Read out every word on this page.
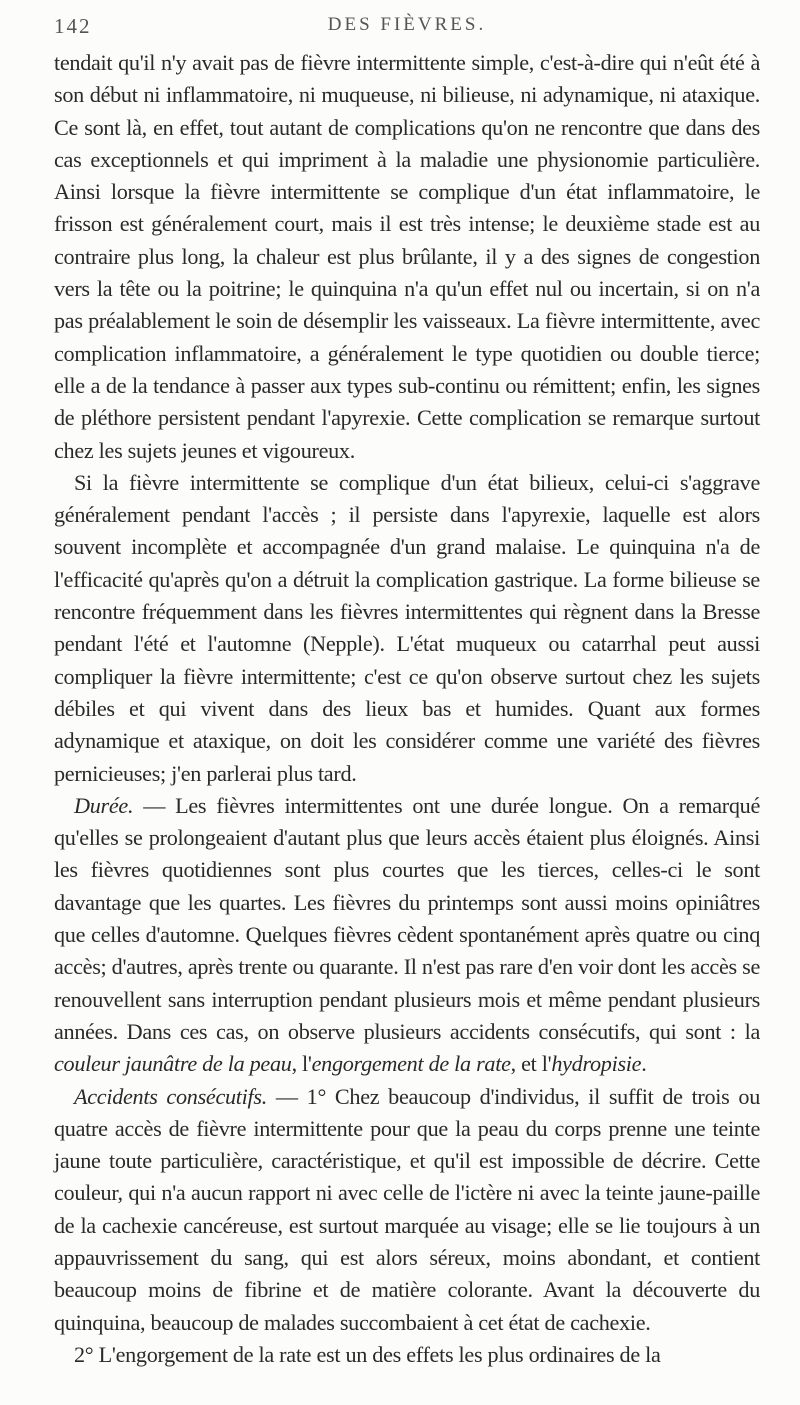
142	DES FIÈVRES.

tendait qu'il n'y avait pas de fièvre intermittente simple, c'est-à-dire qui n'eût été à son début ni inflammatoire, ni muqueuse, ni bilieuse, ni adynamique, ni ataxique. Ce sont là, en effet, tout autant de complications qu'on ne rencontre que dans des cas exceptionnels et qui impriment à la maladie une physionomie particulière. Ainsi lorsque la fièvre intermittente se complique d'un état inflammatoire, le frisson est généralement court, mais il est très intense; le deuxième stade est au contraire plus long, la chaleur est plus brûlante, il y a des signes de congestion vers la tête ou la poitrine; le quinquina n'a qu'un effet nul ou incertain, si on n'a pas préalablement le soin de désemplir les vaisseaux. La fièvre intermittente, avec complication inflammatoire, a généralement le type quotidien ou double tierce; elle a de la tendance à passer aux types sub-continu ou rémittent; enfin, les signes de pléthore persistent pendant l'apyrexie. Cette complication se remarque surtout chez les sujets jeunes et vigoureux.

Si la fièvre intermittente se complique d'un état bilieux, celui-ci s'aggrave généralement pendant l'accès ; il persiste dans l'apyrexie, laquelle est alors souvent incomplète et accompagnée d'un grand malaise. Le quinquina n'a de l'efficacité qu'après qu'on a détruit la complication gastrique. La forme bilieuse se rencontre fréquemment dans les fièvres intermittentes qui règnent dans la Bresse pendant l'été et l'automne (Nepple). L'état muqueux ou catarrhal peut aussi compliquer la fièvre intermittente; c'est ce qu'on observe surtout chez les sujets débiles et qui vivent dans des lieux bas et humides. Quant aux formes adynamique et ataxique, on doit les considérer comme une variété des fièvres pernicieuses; j'en parlerai plus tard.

Durée. — Les fièvres intermittentes ont une durée longue. On a remarqué qu'elles se prolongeaient d'autant plus que leurs accès étaient plus éloignés. Ainsi les fièvres quotidiennes sont plus courtes que les tierces, celles-ci le sont davantage que les quartes. Les fièvres du printemps sont aussi moins opiniâtres que celles d'automne. Quelques fièvres cèdent spontanément après quatre ou cinq accès; d'autres, après trente ou quarante. Il n'est pas rare d'en voir dont les accès se renouvellent sans interruption pendant plusieurs mois et même pendant plusieurs années. Dans ces cas, on observe plusieurs accidents consécutifs, qui sont : la couleur jaunâtre de la peau, l'engorgement de la rate, et l'hydropisie.

Accidents consécutifs. — 1° Chez beaucoup d'individus, il suffit de trois ou quatre accès de fièvre intermittente pour que la peau du corps prenne une teinte jaune toute particulière, caractéristique, et qu'il est impossible de décrire. Cette couleur, qui n'a aucun rapport ni avec celle de l'ictère ni avec la teinte jaune-paille de la cachexie cancéreuse, est surtout marquée au visage; elle se lie toujours à un appauvrissement du sang, qui est alors séreux, moins abondant, et contient beaucoup moins de fibrine et de matière colorante. Avant la découverte du quinquina, beaucoup de malades succombaient à cet état de cachexie.

2° L'engorgement de la rate est un des effets les plus ordinaires de la
